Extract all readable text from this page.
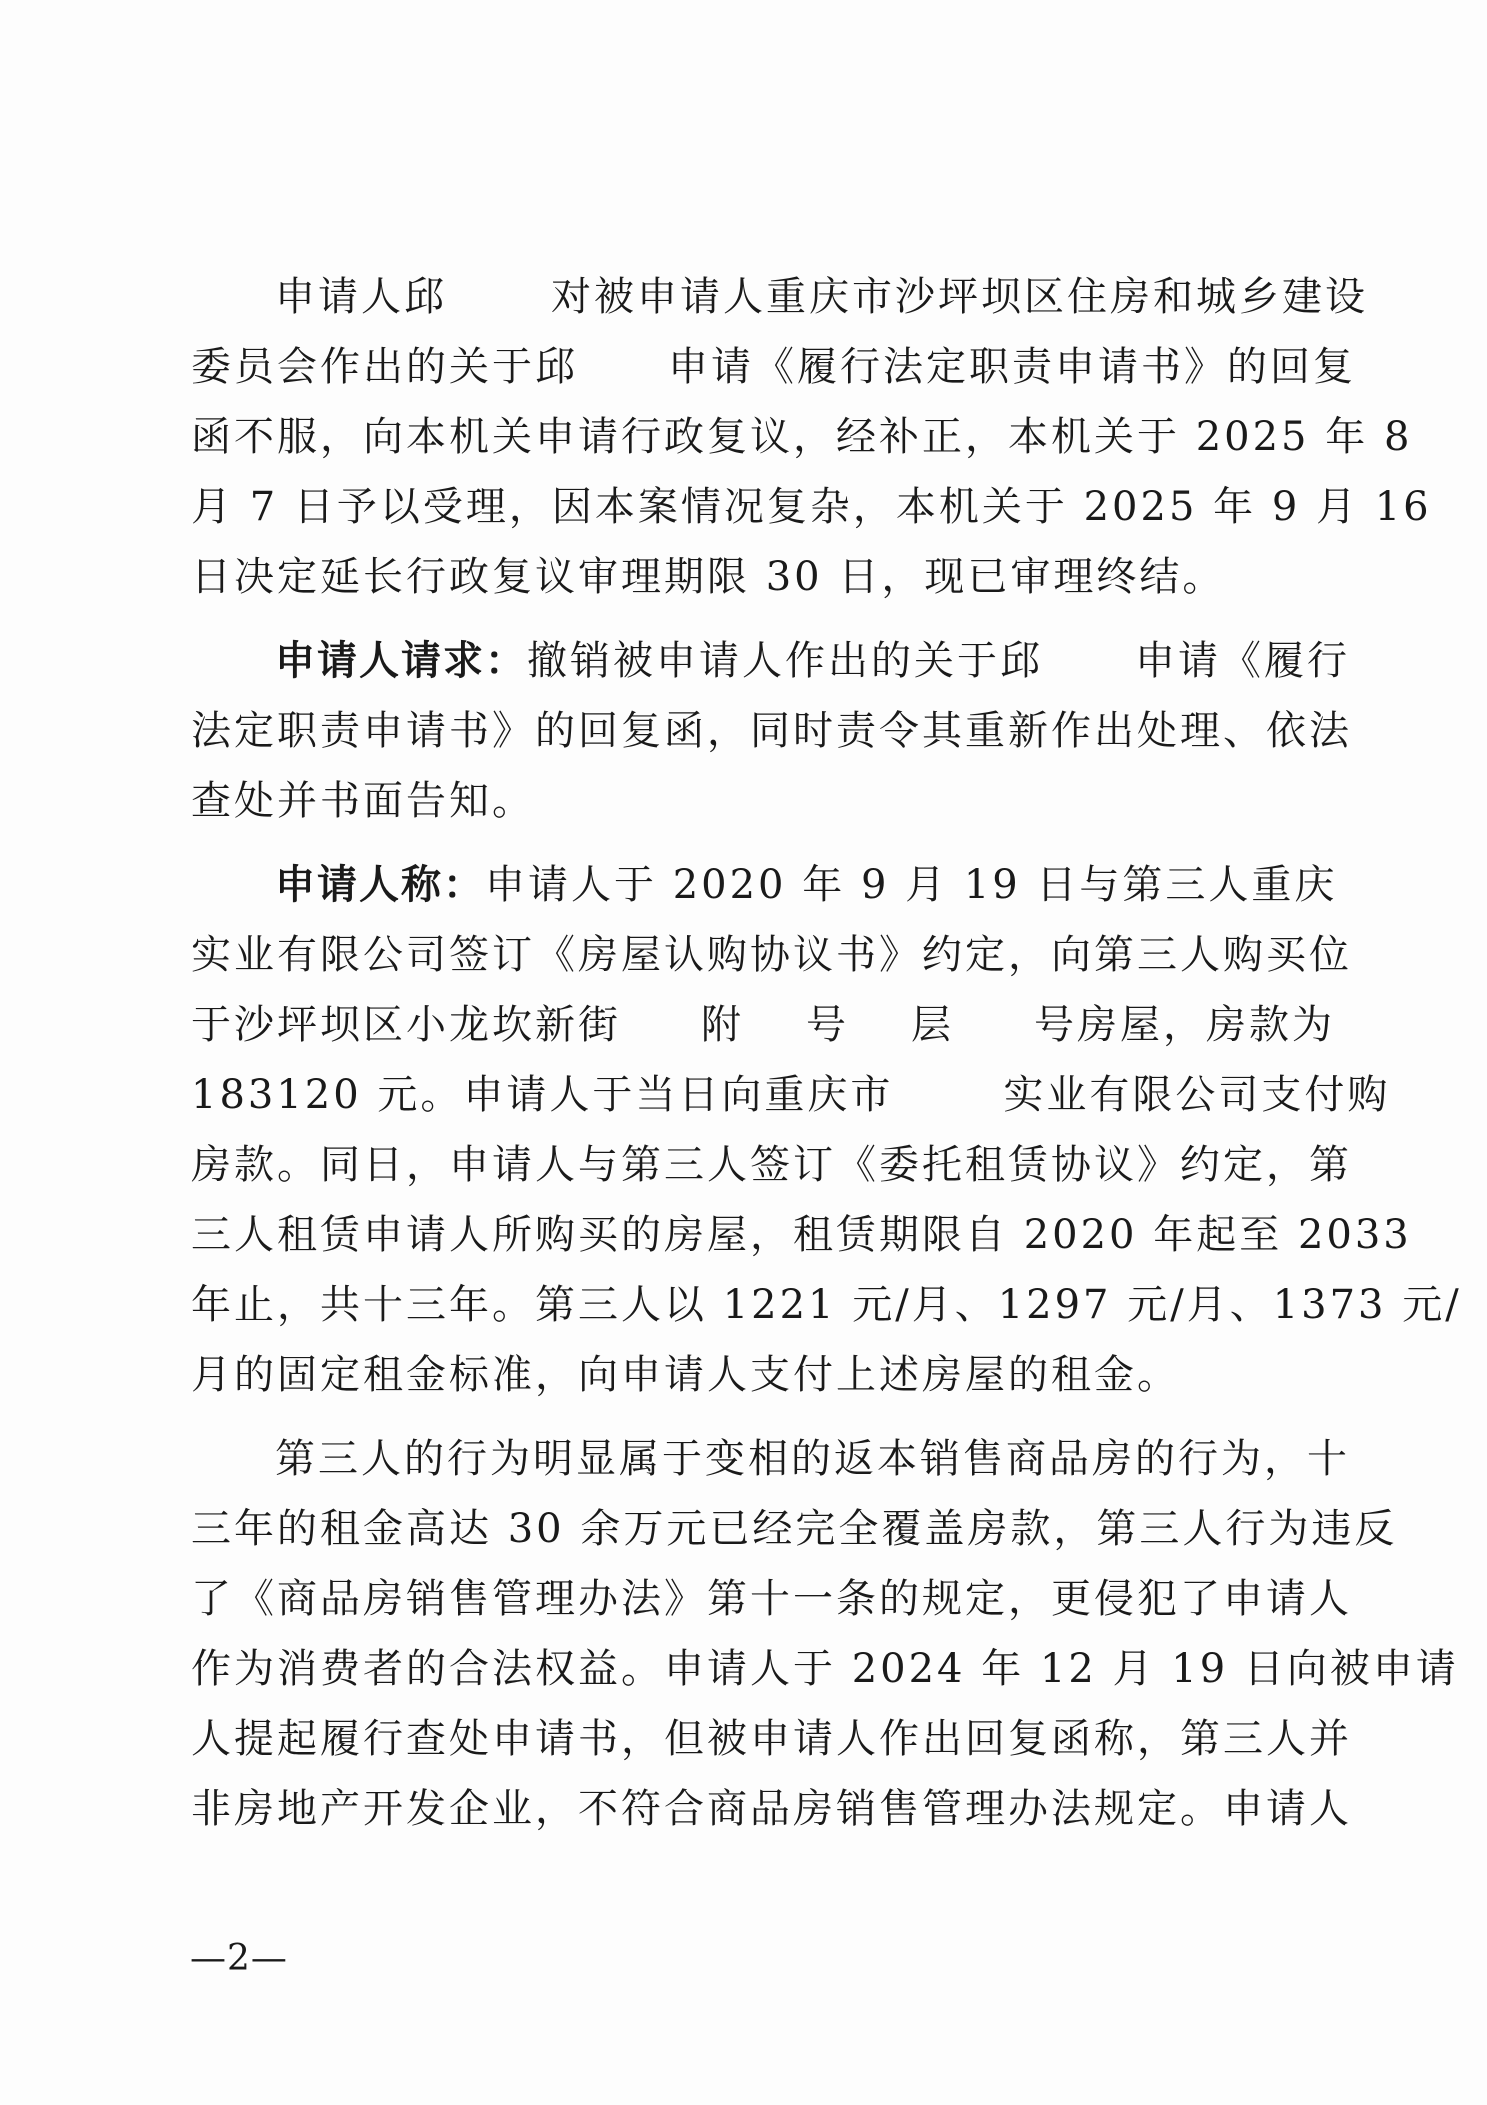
申请人邱	对被申请人重庆市沙坪坝区住房和城乡建设
委员会作出的关于邱 申请《履行法定职责申请书》的回复
函不服，向本机关申请行政复议，经补正，本机关于 2025 年 8
月 7 日予以受理，因本案情况复杂，本机关于 2025 年 9 月 16
日决定延长行政复议审理期限 30 日，现已审理终结。
申请人请求：撤销被申请人作出的关于邱 申请《履行
法定职责申请书》的回复函，同时责令其重新作出处理、依法
查处并书面告知。
申请人称：申请人于 2020 年 9 月 19 日与第三人重庆
实业有限公司签订《房屋认购协议书》约定，向第三人购买位
于沙坪坝区小龙坎新街 附 号 层 号房屋，房款为
183120 元。申请人于当日向重庆市	实业有限公司支付购
房款。同日，申请人与第三人签订《委托租赁协议》约定，第
三人租赁申请人所购买的房屋，租赁期限自 2020 年起至 2033
年止，共十三年。第三人以 1221 元/月、1297 元/月、1373 元/
月的固定租金标准，向申请人支付上述房屋的租金。
第三人的行为明显属于变相的返本销售商品房的行为，十
三年的租金高达 30 余万元已经完全覆盖房款，第三人行为违反
了《商品房销售管理办法》第十一条的规定，更侵犯了申请人
作为消费者的合法权益。申请人于 2024 年 12 月 19 日向被申请
人提起履行查处申请书，但被申请人作出回复函称，第三人并
非房地产开发企业，不符合商品房销售管理办法规定。申请人
—2—
